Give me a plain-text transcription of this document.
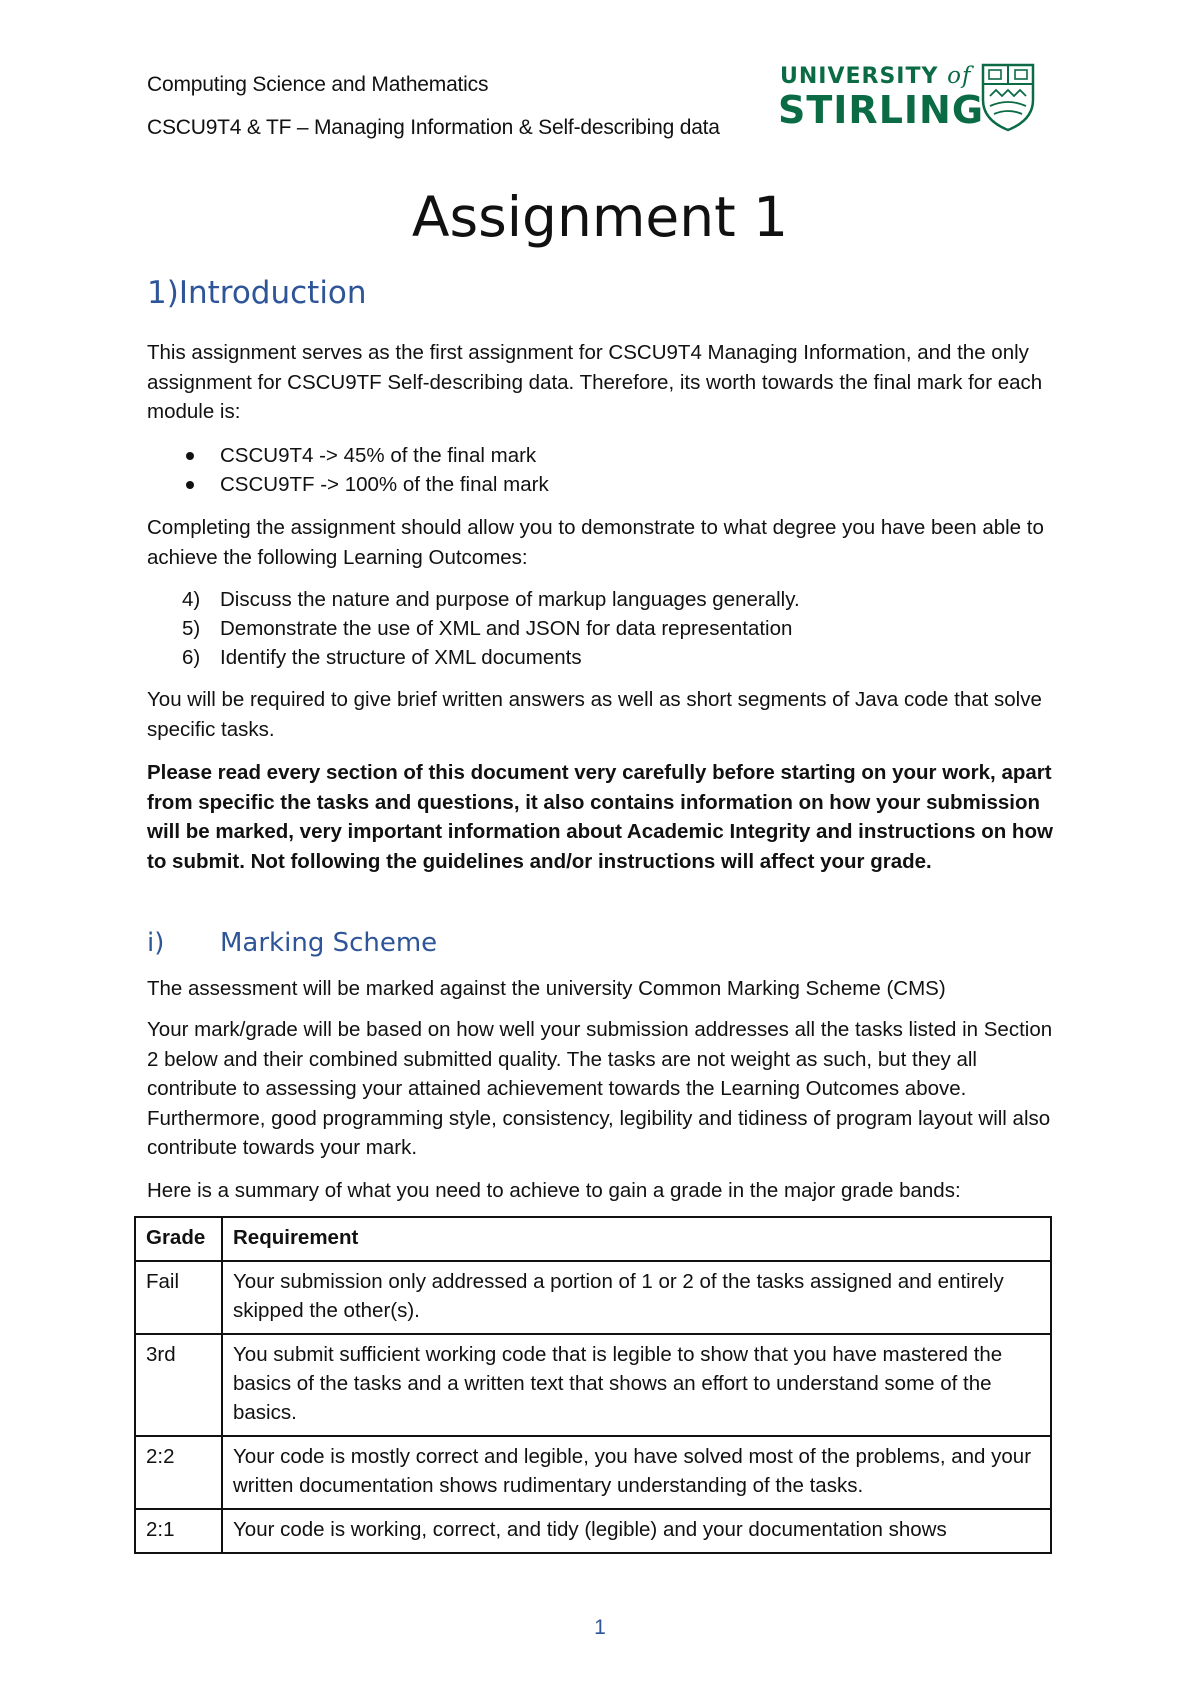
Computing Science and Mathematics
CSCU9T4 & TF – Managing Information & Self-describing data
UNIVERSITY of
STIRLING
Assignment 1
1)Introduction
This assignment serves as the first assignment for CSCU9T4 Managing Information, and the only assignment for CSCU9TF Self-describing data. Therefore, its worth towards the final mark for each module is:
CSCU9T4 -> 45% of the final mark
CSCU9TF -> 100% of the final mark
Completing the assignment should allow you to demonstrate to what degree you have been able to achieve the following Learning Outcomes:
4) Discuss the nature and purpose of markup languages generally.
5) Demonstrate the use of XML and JSON for data representation
6) Identify the structure of XML documents
You will be required to give brief written answers as well as short segments of Java code that solve specific tasks.
Please read every section of this document very carefully before starting on your work, apart from specific the tasks and questions, it also contains information on how your submission will be marked, very important information about Academic Integrity and instructions on how to submit. Not following the guidelines and/or instructions will affect your grade.
i) Marking Scheme
The assessment will be marked against the university Common Marking Scheme (CMS)
Your mark/grade will be based on how well your submission addresses all the tasks listed in Section 2 below and their combined submitted quality. The tasks are not weight as such, but they all contribute to assessing your attained achievement towards the Learning Outcomes above. Furthermore, good programming style, consistency, legibility and tidiness of program layout will also contribute towards your mark.
Here is a summary of what you need to achieve to gain a grade in the major grade bands:
Grade	Requirement
Fail	Your submission only addressed a portion of 1 or 2 of the tasks assigned and entirely skipped the other(s).
3rd	You submit sufficient working code that is legible to show that you have mastered the basics of the tasks and a written text that shows an effort to understand some of the basics.
2:2	Your code is mostly correct and legible, you have solved most of the problems, and your written documentation shows rudimentary understanding of the tasks.
2:1	Your code is working, correct, and tidy (legible) and your documentation shows
1
